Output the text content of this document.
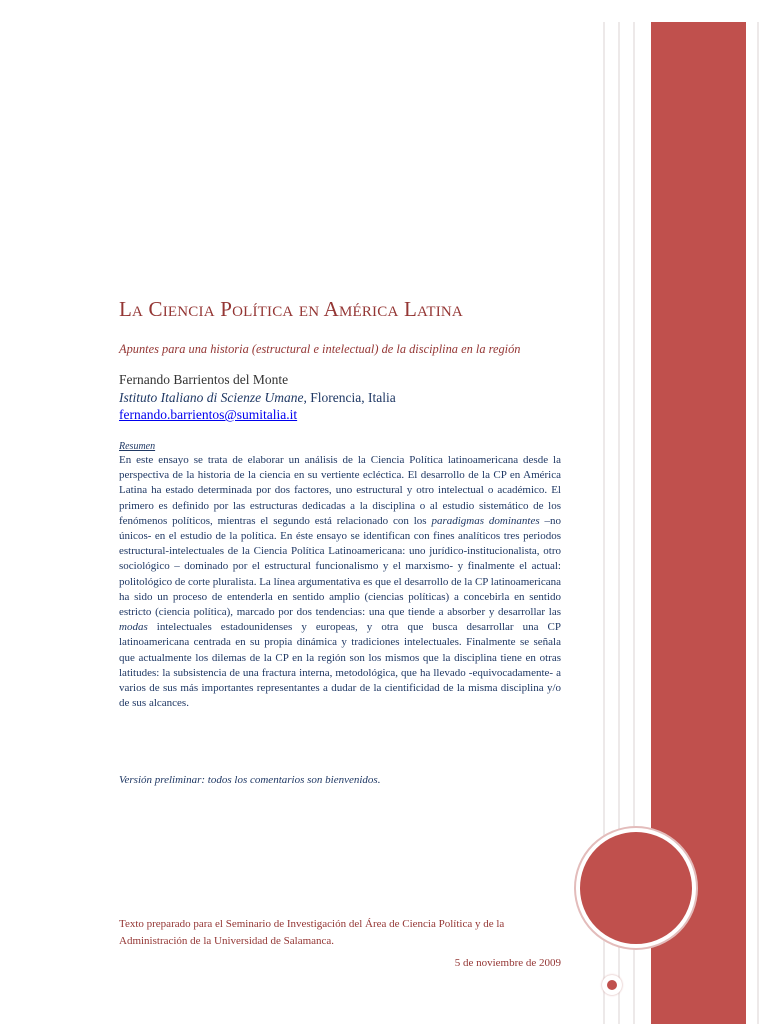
La Ciencia Política en América Latina
Apuntes para una historia (estructural e intelectual) de la disciplina en la región
Fernando Barrientos del Monte
Istituto Italiano di Scienze Umane, Florencia, Italia
fernando.barrientos@sumitalia.it
Resumen
En este ensayo se trata de elaborar un análisis de la Ciencia Política latinoamericana desde la perspectiva de la historia de la ciencia en su vertiente ecléctica. El desarrollo de la CP en América Latina ha estado determinada por dos factores, uno estructural y otro intelectual o académico. El primero es definido por las estructuras dedicadas a la disciplina o al estudio sistemático de los fenómenos políticos, mientras el segundo está relacionado con los paradigmas dominantes –no únicos- en el estudio de la política. En éste ensayo se identifican con fines analíticos tres periodos estructural-intelectuales de la Ciencia Política Latinoamericana: uno jurídico-institucionalista, otro sociológico – dominado por el estructural funcionalismo y el marxismo- y finalmente el actual: politológico de corte pluralista. La línea argumentativa es que el desarrollo de la CP latinoamericana ha sido un proceso de entenderla en sentido amplio (ciencias políticas) a concebirla en sentido estricto (ciencia política), marcado por dos tendencias: una que tiende a absorber y desarrollar las modas intelectuales estadounidenses y europeas, y otra que busca desarrollar una CP latinoamericana centrada en su propia dinámica y tradiciones intelectuales. Finalmente se señala que actualmente los dilemas de la CP en la región son los mismos que la disciplina tiene en otras latitudes: la subsistencia de una fractura interna, metodológica, que ha llevado -equivocadamente- a varios de sus más importantes representantes a dudar de la cientificidad de la misma disciplina y/o de sus alcances.
Versión preliminar: todos los comentarios son bienvenidos.
Texto preparado para el Seminario de Investigación del Área de Ciencia Política y de la Administración de la Universidad de Salamanca.
5 de noviembre de 2009
